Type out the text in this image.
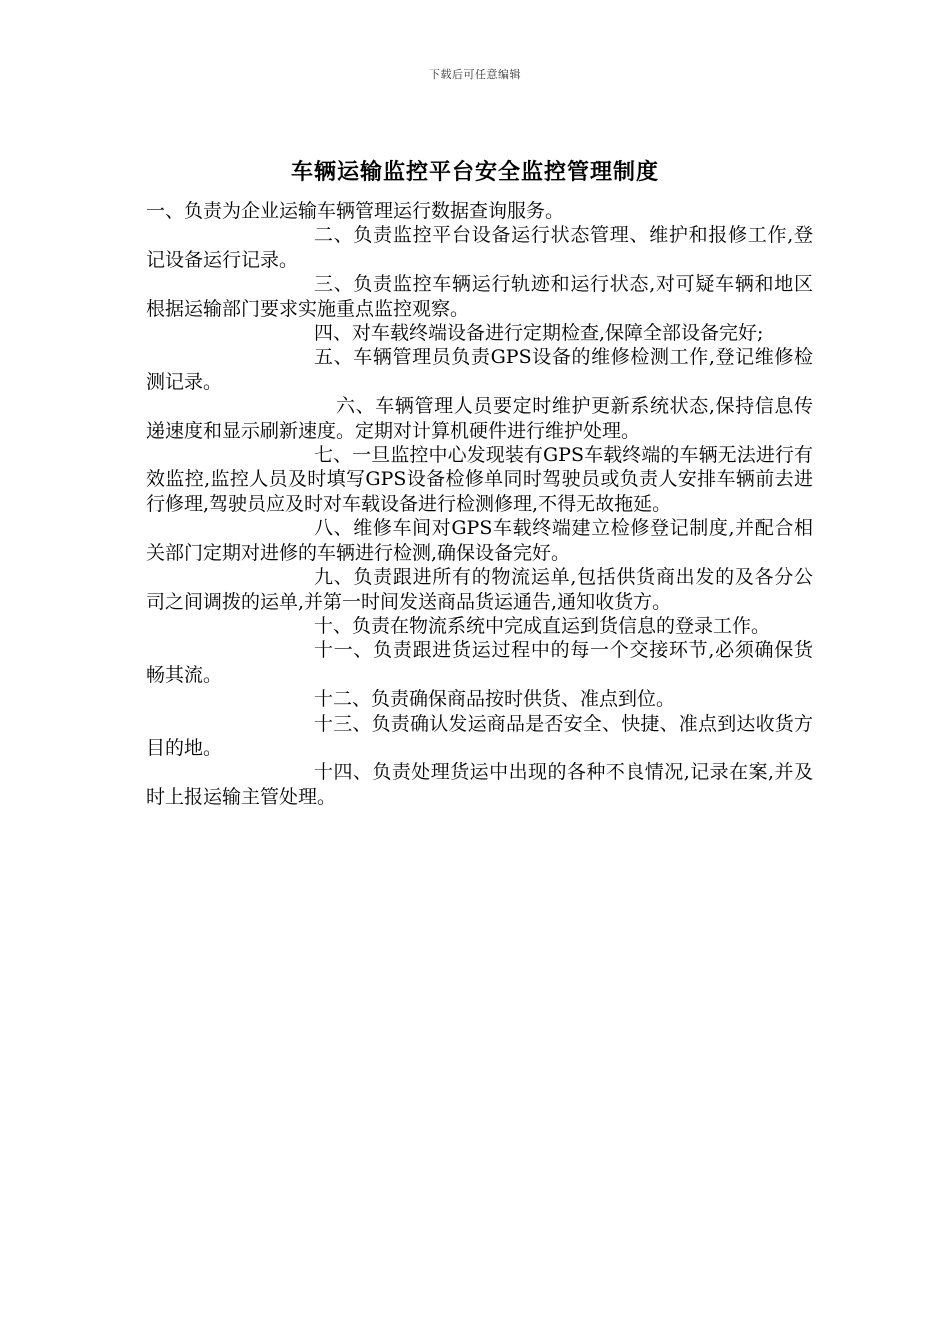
下载后可任意编辑
车辆运输监控平台安全监控管理制度

一、负责为企业运输车辆管理运行数据查询服务。

二、负责监控平台设备运行状态管理、维护和报修工作,登记设备运行记录。

三、负责监控车辆运行轨迹和运行状态,对可疑车辆和地区根据运输部门要求实施重点监控观察。

四、对车载终端设备进行定期检查,保障全部设备完好;

五、车辆管理员负责GPS设备的维修检测工作,登记维修检测记录。

六、车辆管理人员要定时维护更新系统状态,保持信息传递速度和显示刷新速度。定期对计算机硬件进行维护处理。

七、一旦监控中心发现装有GPS车载终端的车辆无法进行有效监控,监控人员及时填写GPS设备检修单同时驾驶员或负责人安排车辆前去进行修理,驾驶员应及时对车载设备进行检测修理,不得无故拖延。

八、维修车间对GPS车载终端建立检修登记制度,并配合相关部门定期对进修的车辆进行检测,确保设备完好。

九、负责跟进所有的物流运单,包括供货商出发的及各分公司之间调拨的运单,并第一时间发送商品货运通告,通知收货方。

十、负责在物流系统中完成直运到货信息的登录工作。

十一、负责跟进货运过程中的每一个交接环节,必须确保货畅其流。

十二、负责确保商品按时供货、准点到位。

十三、负责确认发运商品是否安全、快捷、准点到达收货方目的地。

十四、负责处理货运中出现的各种不良情况,记录在案,并及时上报运输主管处理。
